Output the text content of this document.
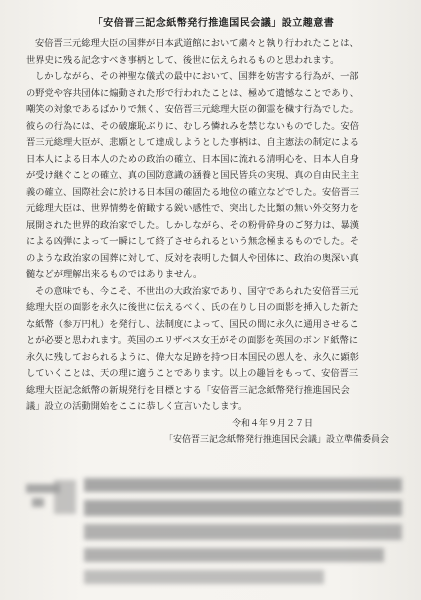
「安倍晋三記念紙幣発行推進国民会議」設立趣意書

安倍晋三元総理大臣の国葬が日本武道館において粛々と執り行われたことは、
世界史に残る記念すべき事柄として、後世に伝えられるものと思われます。

しかしながら、その神聖な儀式の最中において、国葬を妨害する行為が、一部
の野党や容共団体に煽動された形で行われたことは、極めて遺憾なことであり、
嘲笑の対象であるばかりで無く、安倍晋三元総理大臣の御霊を穢す行為でした。
彼らの行為には、その破廉恥ぶりに、むしろ憐れみを禁じないものでした。安倍
晋三元総理大臣が、悲願として達成しようとした事柄は、自主憲法の制定による
日本人による日本人のための政治の確立、日本国に流れる清明心を、日本人自身
が受け継ぐことの確立、真の国防意識の涵養と国民皆兵の実現、真の自由民主主
義の確立、国際社会に於ける日本国の確固たる地位の確立などでした。安倍晋三
元総理大臣は、世界情勢を俯瞰する鋭い感性で、突出した比類の無い外交努力を
展開された世界的政治家でした。しかしながら、その粉骨砕身のご努力は、暴漢
による凶弾によって一瞬にして終了させられるという無念極まるものでした。そ
のような政治家の国葬に対して、反対を表明した個人や団体に、政治の奥深い真
髄などが理解出来るものではありません。

その意味でも、今こそ、不世出の大政治家であり、国守であられた安倍晋三元
総理大臣の面影を永久に後世に伝えるべく、氏の在りし日の面影を挿入した新た
な紙幣（参万円札）を発行し、法制度によって、国民の間に永久に通用させるこ
とが必要と思われます。英国のエリザベス女王がその面影を英国のボンド紙幣に
永久に残しておられるように、偉大な足跡を持つ日本国民の恩人を、永久に顕彰
していくことは、天の理に適うことであります。以上の趣旨をもって、安倍晋三
総理大臣記念紙幣の新規発行を目標とする「安倍晋三記念紙幣発行推進国民会
議」設立の活動開始をここに恭しく宣言いたします。

令和４年９月２７日
「安倍晋三記念紙幣発行推進国民会議」設立準備委員会
